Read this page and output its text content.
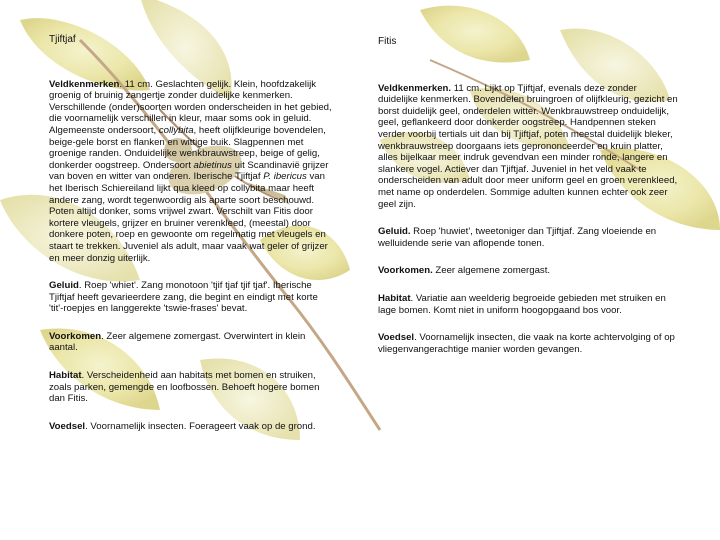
Tjiftjaf

Veldkenmerken. 11 cm. Geslachten gelijk. Klein, hoofdzakelijk groenig of bruinig zangertje zonder duidelijke kenmerken. Verschillende (onder)soorten worden onderscheiden in het gebied, die voornamelijk verschillen in kleur, maar soms ook in geluid. Algemeenste ondersoort, collybita, heeft olijfkleurige bovendelen, beige-gele borst en flanken en wittige buik. Slagpennen met groenige randen. Onduidelijke wenkbrauwstreep, beige of gelig, donkerder oogstreep. Ondersoort abietinus uit Scandinavië grijzer van boven en witter van onderen. Iberische Tjiftjaf P. ibericus van het Iberisch Schiereiland lijkt qua kleed op collybita maar heeft andere zang, wordt tegenwoordig als aparte soort beschouwd. Poten altijd donker, soms vrijwel zwart. Verschilt van Fitis door kortere vleugels, grijzer en bruiner verenkleed, (meestal) door donkere poten, roep en gewoonte om regelmatig met vleugels en staart te trekken. Juveniel als adult, maar vaak wat geler of grijzer en meer donzig uiterlijk.

Geluid. Roep 'whiet'. Zang monotoon 'tjif tjaf tjif tjaf'. Iberische Tjiftjaf heeft gevarieerdere zang, die begint en eindigt met korte 'tit'-roepjes en langgerekte 'tswie-frases' bevat.

Voorkomen. Zeer algemene zomergast. Overwintert in klein aantal.

Habitat. Verscheidenheid aan habitats met bomen en struiken, zoals parken, gemengde en loofbossen. Behoeft hogere bomen dan Fitis.

Voedsel. Voornamelijk insecten. Foerageert vaak op de grond.

Fitis

Veldkenmerken. 11 cm. Lijkt op Tjiftjaf, evenals deze zonder duidelijke kenmerken. Bovendelen bruingroen of olijfkleurig, gezicht en borst duidelijk geel, onderdelen witter. Wenkbrauwstreep onduidelijk, geel, geflankeerd door donkerder oogstreep. Handpennen steken verder voorbij tertials uit dan bij Tjiftjaf, poten meestal duidelijk bleker, wenkbrauwstreep doorgaans iets geprononceerder en kruin platter, alles bijelkaar meer indruk gevendvan een minder ronde, langere en slankere vogel. Actiever dan Tjiftjaf. Juveniel in het veld vaak te onderscheiden van adult door meer uniform geel en groen verenkleed, met name op onderdelen. Sommige adulten kunnen echter ook zeer geel zijn.

Geluid. Roep 'huwiet', tweetoniger dan Tjiftjaf. Zang vloeiende en welluidende serie van aflopende tonen.

Voorkomen. Zeer algemene zomergast.

Habitat. Variatie aan weelderig begroeide gebieden met struiken en lage bomen. Komt niet in uniform hoogopgaand bos voor.

Voedsel. Voornamelijk insecten, die vaak na korte achtervolging of op vliegenvangerachtige manier worden gevangen.
